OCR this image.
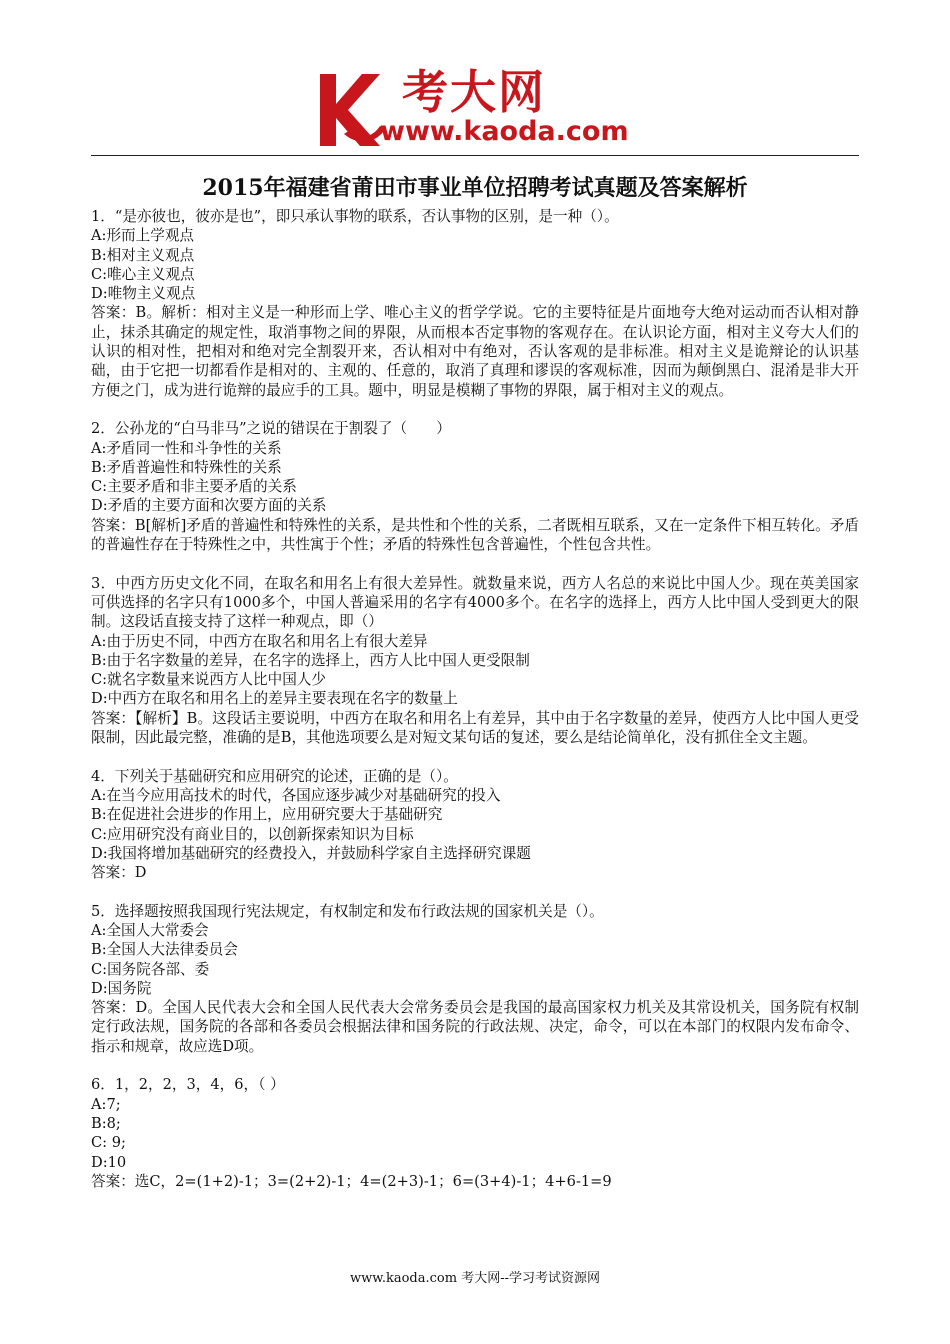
考大网
www.kaoda.com
2015年福建省莆田市事业单位招聘考试真题及答案解析
1．“是亦彼也，彼亦是也”，即只承认事物的联系，否认事物的区别，是一种（）。
A:形而上学观点
B:相对主义观点
C:唯心主义观点
D:唯物主义观点
答案：B。解析：相对主义是一种形而上学、唯心主义的哲学学说。它的主要特征是片面地夸大绝对运动而否认相对静止，抹杀其确定的规定性，取消事物之间的界限，从而根本否定事物的客观存在。在认识论方面，相对主义夸大人们的认识的相对性，把相对和绝对完全割裂开来，否认相对中有绝对，否认客观的是非标准。相对主义是诡辩论的认识基础，由于它把一切都看作是相对的、主观的、任意的，取消了真理和谬误的客观标准，因而为颠倒黑白、混淆是非大开方便之门，成为进行诡辩的最应手的工具。题中，明显是模糊了事物的界限，属于相对主义的观点。
2．公孙龙的“白马非马”之说的错误在于割裂了（　　）
A:矛盾同一性和斗争性的关系
B:矛盾普遍性和特殊性的关系
C:主要矛盾和非主要矛盾的关系
D:矛盾的主要方面和次要方面的关系
答案：B[解析]矛盾的普遍性和特殊性的关系，是共性和个性的关系，二者既相互联系，又在一定条件下相互转化。矛盾的普遍性存在于特殊性之中，共性寓于个性；矛盾的特殊性包含普遍性，个性包含共性。
3．中西方历史文化不同，在取名和用名上有很大差异性。就数量来说，西方人名总的来说比中国人少。现在英美国家可供选择的名字只有1000多个，中国人普遍采用的名字有4000多个。在名字的选择上，西方人比中国人受到更大的限制。这段话直接支持了这样一种观点，即（）
A:由于历史不同，中西方在取名和用名上有很大差异
B:由于名字数量的差异，在名字的选择上，西方人比中国人更受限制
C:就名字数量来说西方人比中国人少
D:中西方在取名和用名上的差异主要表现在名字的数量上
答案：【解析】B。这段话主要说明，中西方在取名和用名上有差异，其中由于名字数量的差异，使西方人比中国人更受限制，因此最完整，准确的是B，其他选项要么是对短文某句话的复述，要么是结论简单化，没有抓住全文主题。
4．下列关于基础研究和应用研究的论述，正确的是（）。
A:在当今应用高技术的时代，各国应逐步减少对基础研究的投入
B:在促进社会进步的作用上，应用研究要大于基础研究
C:应用研究没有商业目的，以创新探索知识为目标
D:我国将增加基础研究的经费投入，并鼓励科学家自主选择研究课题
答案：D
5．选择题按照我国现行宪法规定，有权制定和发布行政法规的国家机关是（）。
A:全国人大常委会
B:全国人大法律委员会
C:国务院各部、委
D:国务院
答案：D。全国人民代表大会和全国人民代表大会常务委员会是我国的最高国家权力机关及其常设机关，国务院有权制定行政法规，国务院的各部和各委员会根据法律和国务院的行政法规、决定，命令，可以在本部门的权限内发布命令、指示和规章，故应选D项。
6．1，2，2，3，4，6，（ ）
A:7;
B:8;
C: 9;
D:10
答案：选C，2=(1+2)-1；3=(2+2)-1；4=(2+3)-1；6=(3+4)-1；4+6-1=9
www.kaoda.com 考大网--学习考试资源网
